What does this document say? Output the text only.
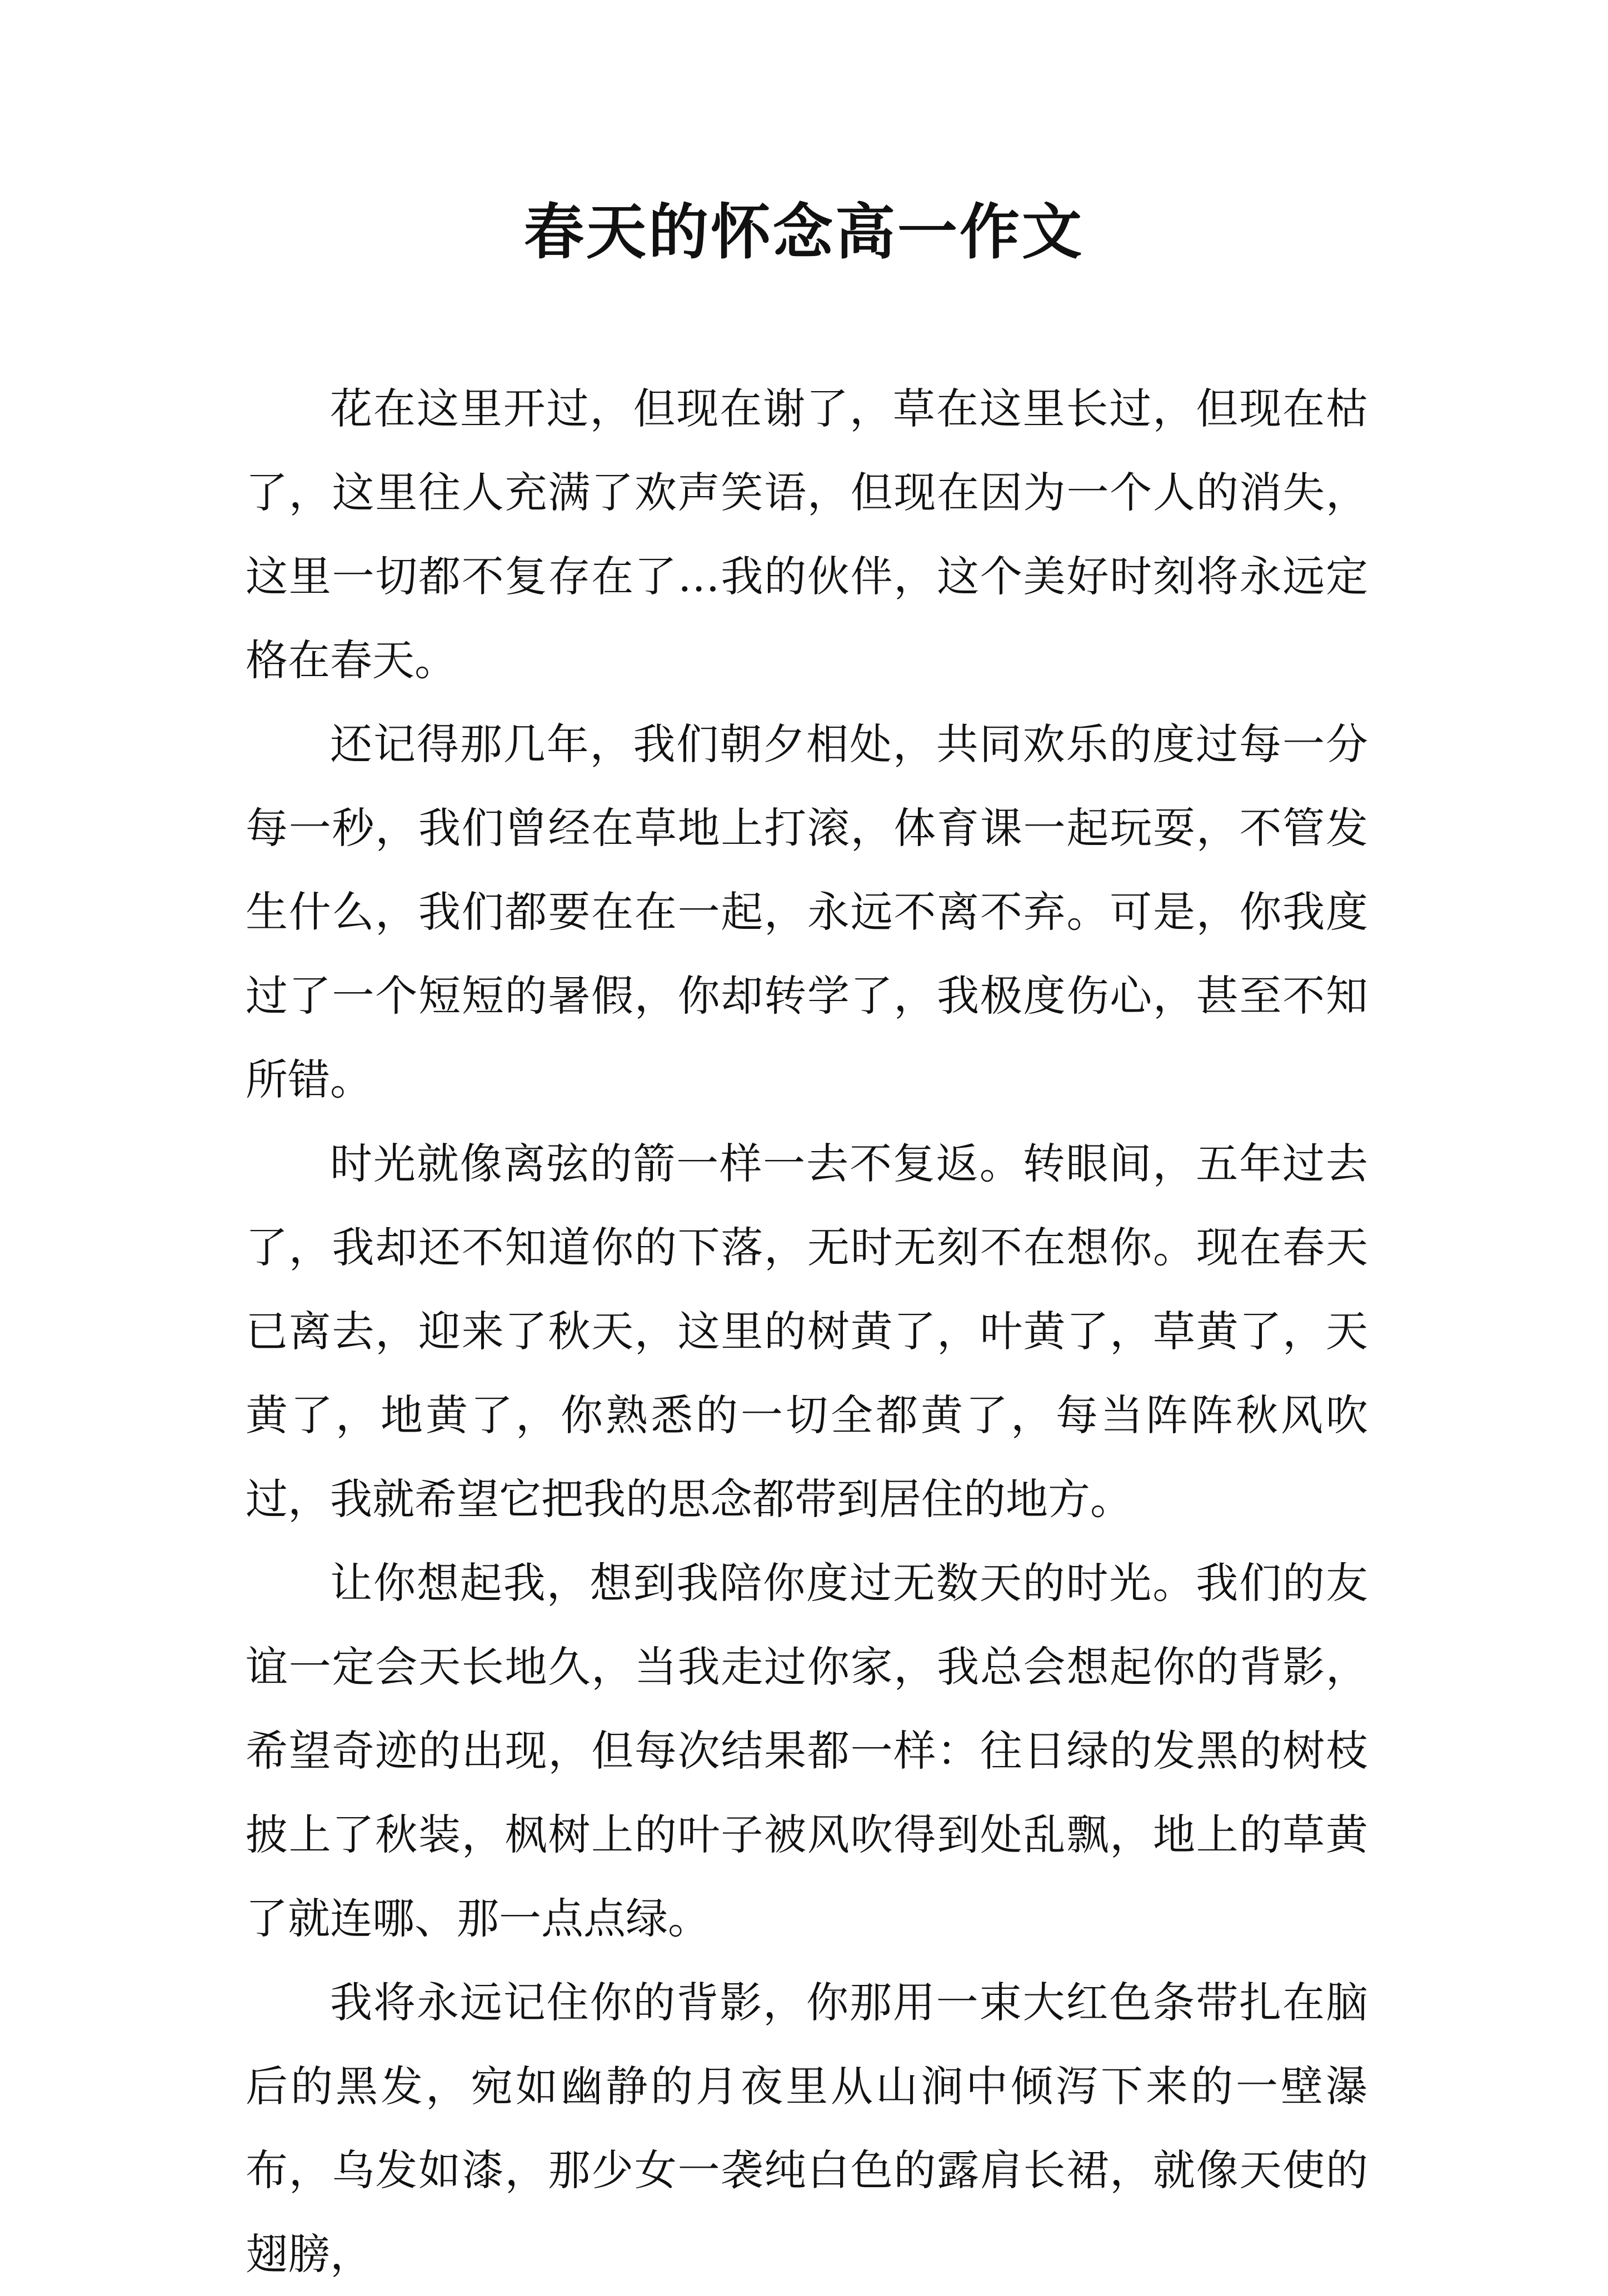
春天的怀念高一作文

花在这里开过，但现在谢了，草在这里长过，但现在枯了，这里往人充满了欢声笑语，但现在因为一个人的消失，这里一切都不复存在了…我的伙伴，这个美好时刻将永远定格在春天。

还记得那几年，我们朝夕相处，共同欢乐的度过每一分每一秒，我们曾经在草地上打滚，体育课一起玩耍，不管发生什么，我们都要在在一起，永远不离不弃。可是，你我度过了一个短短的暑假，你却转学了，我极度伤心，甚至不知所错。

时光就像离弦的箭一样一去不复返。转眼间，五年过去了，我却还不知道你的下落，无时无刻不在想你。现在春天已离去，迎来了秋天，这里的树黄了，叶黄了，草黄了，天黄了，地黄了，你熟悉的一切全都黄了，每当阵阵秋风吹过，我就希望它把我的思念都带到居住的地方。

让你想起我，想到我陪你度过无数天的时光。我们的友谊一定会天长地久，当我走过你家，我总会想起你的背影，希望奇迹的出现，但每次结果都一样：往日绿的发黑的树枝披上了秋装，枫树上的叶子被风吹得到处乱飘，地上的草黄了就连哪、那一点点绿。

我将永远记住你的背影，你那用一束大红色条带扎在脑后的黑发，宛如幽静的月夜里从山涧中倾泻下来的一壁瀑布，乌发如漆，那少女一袭纯白色的露肩长裙，就像天使的翅膀，
